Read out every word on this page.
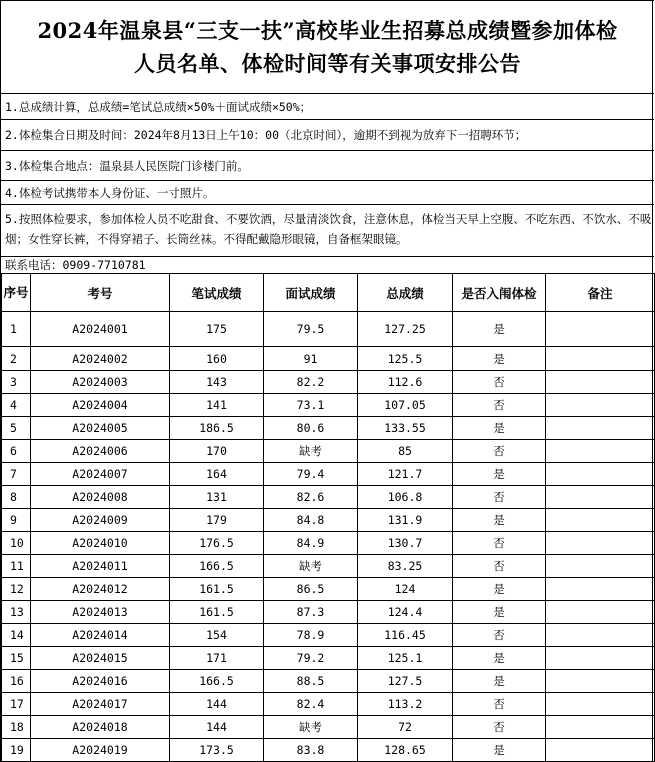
2024年温泉县“三支一扶”高校毕业生招募总成绩暨参加体检
人员名单、体检时间等有关事项安排公告
1.总成绩计算，总成绩=笔试总成绩×50%＋面试成绩×50%；
2.体检集合日期及时间：2024年8月13日上午10：00（北京时间），逾期不到视为放弃下一招聘环节；
3.体检集合地点：温泉县人民医院门诊楼门前。
4.体检考试携带本人身份证、一寸照片。
5.按照体检要求，参加体检人员不吃甜食、不要饮酒，尽量清淡饮食，注意休息，体检当天早上空腹、不吃东西、不饮水、不吸烟；女性穿长裤，不得穿裙子、长筒丝袜。不得配戴隐形眼镜，自备框架眼镜。
联系电话：0909-7710781
序号	考号	笔试成绩	面试成绩	总成绩	是否入闱体检	备注
1	A2024001	175	79.5	127.25	是	
2	A2024002	160	91	125.5	是	
3	A2024003	143	82.2	112.6	否	
4	A2024004	141	73.1	107.05	否	
5	A2024005	186.5	80.6	133.55	是	
6	A2024006	170	缺考	85	否	
7	A2024007	164	79.4	121.7	是	
8	A2024008	131	82.6	106.8	否	
9	A2024009	179	84.8	131.9	是	
10	A2024010	176.5	84.9	130.7	否	
11	A2024011	166.5	缺考	83.25	否	
12	A2024012	161.5	86.5	124	是	
13	A2024013	161.5	87.3	124.4	是	
14	A2024014	154	78.9	116.45	否	
15	A2024015	171	79.2	125.1	是	
16	A2024016	166.5	88.5	127.5	是	
17	A2024017	144	82.4	113.2	否	
18	A2024018	144	缺考	72	否	
19	A2024019	173.5	83.8	128.65	是	
